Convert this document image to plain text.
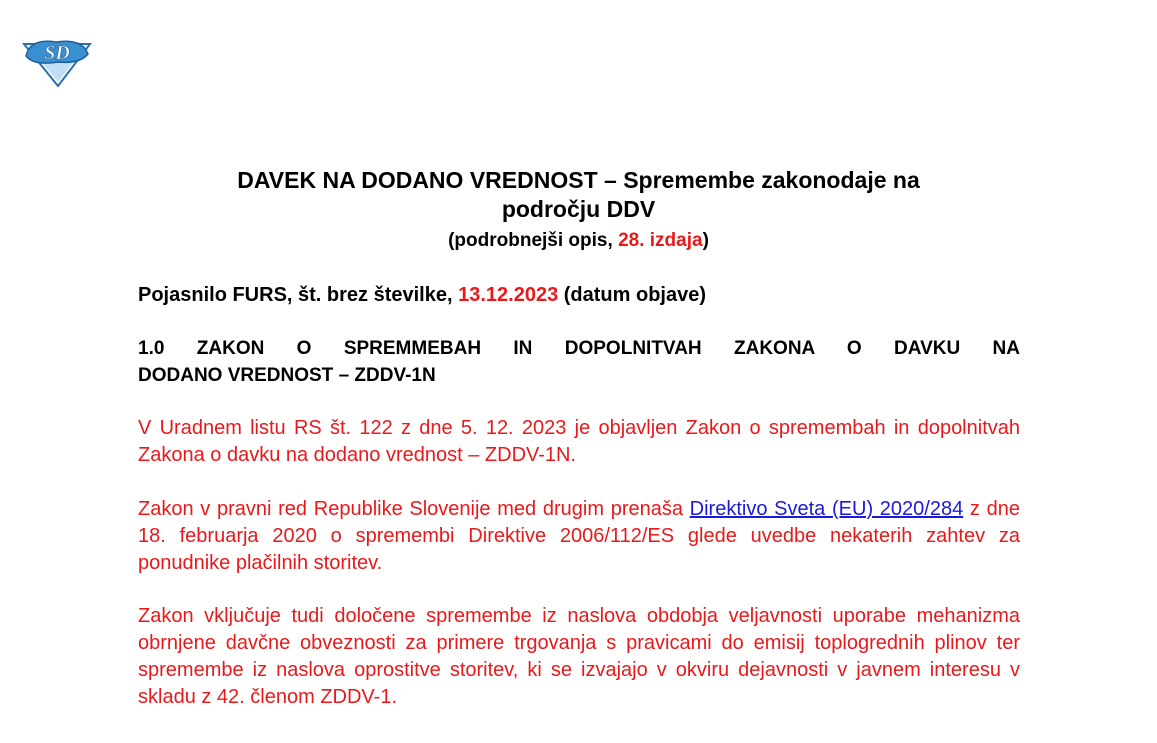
SD
DAVEK NA DODANO VREDNOST – Spremembe zakonodaje na
področju DDV
(podrobnejši opis, 28. izdaja)
Pojasnilo FURS, št. brez številke, 13.12.2023 (datum objave)
1.0 ZAKON O SPREMMEBAH IN DOPOLNITVAH ZAKONA O DAVKU NA
DODANO VREDNOST – ZDDV-1N
V Uradnem listu RS št. 122 z dne 5. 12. 2023 je objavljen Zakon o spremembah in dopolnitvah Zakona o davku na dodano vrednost – ZDDV-1N.
Zakon v pravni red Republike Slovenije med drugim prenaša Direktivo Sveta (EU) 2020/284 z dne 18. februarja 2020 o spremembi Direktive 2006/112/ES glede uvedbe nekaterih zahtev za ponudnike plačilnih storitev.
Zakon vključuje tudi določene spremembe iz naslova obdobja veljavnosti uporabe mehanizma obrnjene davčne obveznosti za primere trgovanja s pravicami do emisij toplogrednih plinov ter spremembe iz naslova oprostitve storitev, ki se izvajajo v okviru dejavnosti v javnem interesu v skladu z 42. členom ZDDV-1.
